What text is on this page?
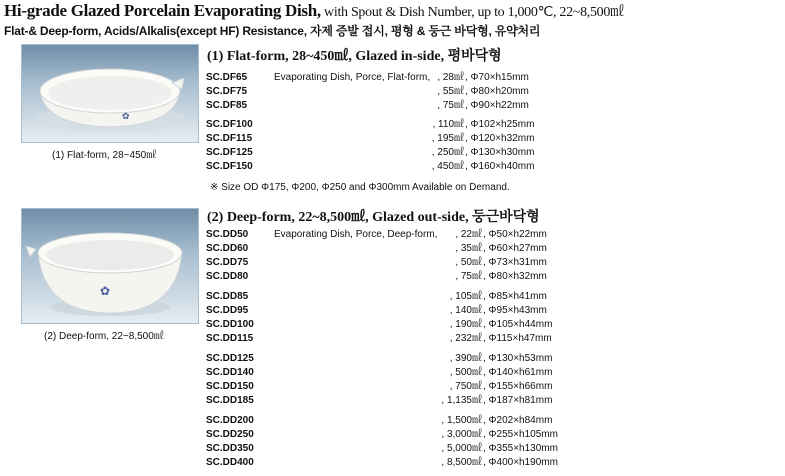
Hi-grade Glazed Porcelain Evaporating Dish, with Spout & Dish Number, up to 1,000℃, 22~8,500㎖
Flat-& Deep-form, Acids/Alkalis(except HF) Resistance, 자제 증발 접시, 평형 & 둥근 바닥형, 유약처리
✿
(1) Flat-form, 28~450㎖
(1) Flat-form, 28~450㎖, Glazed in-side, 평바닥형
SC.DF65	Evaporating Dish, Porce, Flat-form, , 28㎖ , Φ70×h15mm
SC.DF75	, 55㎖ , Φ80×h20mm
SC.DF85	, 75㎖ , Φ90×h22mm
SC.DF100	, 110㎖ , Φ102×h25mm
SC.DF115	, 195㎖ , Φ120×h32mm
SC.DF125	, 250㎖ , Φ130×h30mm
SC.DF150	, 450㎖ , Φ160×h40mm
※ Size OD Φ175, Φ200, Φ250 and Φ300mm Available on Demand.
✿
(2) Deep-form, 22~8,500㎖
(2) Deep-form, 22~8,500㎖, Glazed out-side, 둥근바닥형
SC.DD50	Evaporating Dish, Porce, Deep-form,	, 22㎖ , Φ50×h22mm
SC.DD60	, 35㎖ , Φ60×h27mm
SC.DD75	, 50㎖ , Φ73×h31mm
SC.DD80	, 75㎖ , Φ80×h32mm
SC.DD85	, 105㎖ , Φ85×h41mm
SC.DD95	, 140㎖ , Φ95×h43mm
SC.DD100	, 190㎖ , Φ105×h44mm
SC.DD115	, 232㎖ , Φ115×h47mm
SC.DD125	, 390㎖ , Φ130×h53mm
SC.DD140	, 500㎖ , Φ140×h61mm
SC.DD150	, 750㎖ , Φ155×h66mm
SC.DD185	, 1,135㎖ , Φ187×h81mm
SC.DD200	, 1,500㎖ , Φ202×h84mm
SC.DD250	, 3,000㎖ , Φ255×h105mm
SC.DD350	, 5,000㎖ , Φ355×h130mm
SC.DD400	, 8,500㎖ , Φ400×h190mm
